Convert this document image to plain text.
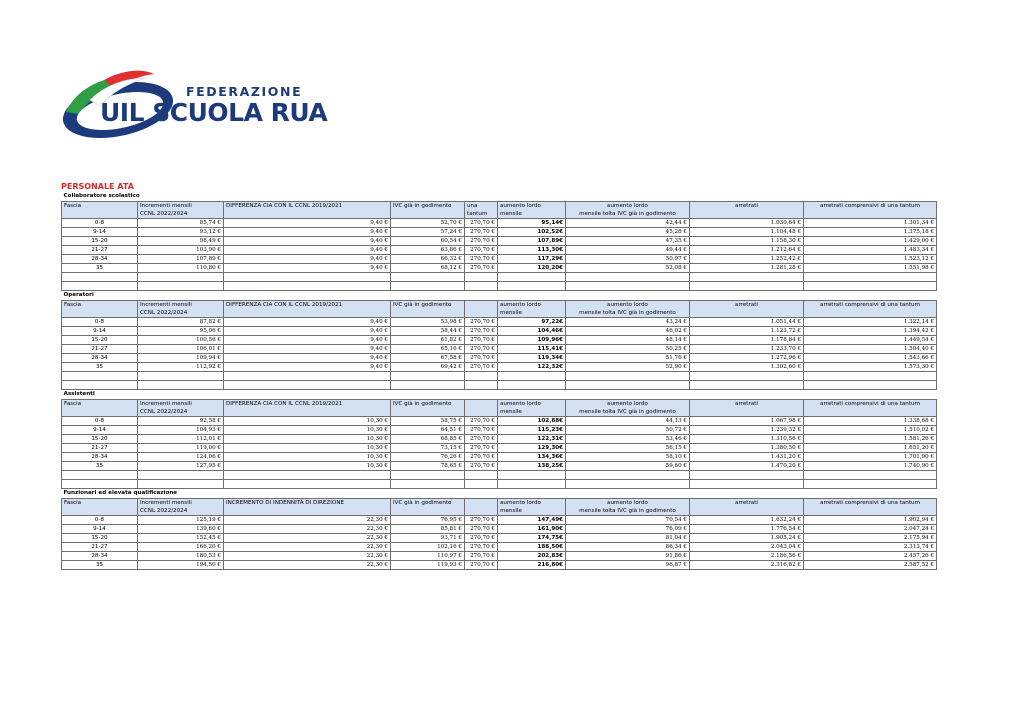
FEDERAZIONE

UIL SCUOLA RUA

PERSONALE ATA

Collaboratore scolastico								
Fascia	Incrementi mensili	DIFFERENZA CIA CON IL CCNL 2019/2021	IVC già in godimento	una	aumento lordo	aumento lordo	arretrati	arretrati comprensivi di una tantum
	CCNL 2022/2024			tantum	mensile	mensile tolta IVC già in godimento		
0-8	85,74 €	9,40 €	52,70 €	270,70 €	95,14€	42,44 €	1.030,64 €	1.301,34 €
9-14	93,12 €	9,40 €	57,24 €	270,70 €	102,52€	45,28 €	1.104,48 €	1.375,18 €
15-20	98,49 €	9,40 €	60,54 €	270,70 €	107,89€	47,35 €	1.158,30 €	1.429,00 €
21-27	103,90 €	9,40 €	63,86 €	270,70 €	113,30€	49,44 €	1.212,64 €	1.483,34 €
28-34	107,89 €	9,40 €	66,32 €	270,70 €	117,29€	50,97 €	1.252,42 €	1.523,12 €
35	110,80 €	9,40 €	68,12 €	270,70 €	120,20€	52,08 €	1.281,28 €	1.551,98 €

Operatori								
Fascia	Incrementi mensili	DIFFERENZA CIA CON IL CCNL 2019/2021	IVC già in godimento		aumento lordo	aumento lordo	arretrati	arretrati comprensivi di una tantum
	CCNL 2022/2024				mensile	mensile tolta IVC già in godimento		
0-8	87,82 €	9,40 €	53,98 €	270,70 €	97,22€	43,24 €	1.051,44 €	1.322,14 €
9-14	95,06 €	9,40 €	58,44 €	270,70 €	104,46€	46,02 €	1.123,72 €	1.394,42 €
15-20	100,56 €	9,40 €	61,82 €	270,70 €	109,96€	48,14 €	1.178,84 €	1.449,54 €
21-27	106,01 €	9,40 €	65,16 €	270,70 €	115,41€	50,25 €	1.233,70 €	1.504,40 €
28-34	109,94 €	9,40 €	67,58 €	270,70 €	119,34€	51,76 €	1.272,96 €	1.543,66 €
35	112,92 €	9,40 €	69,42 €	270,70 €	122,32€	52,90 €	1.302,60 €	1.573,30 €

Assistenti								
Fascia	Incrementi mensili	DIFFERENZA CIA CON IL CCNL 2019/2021	IVC già in godimento		aumento lordo	aumento lordo	arretrati	arretrati comprensivi di una tantum
	CCNL 2022/2024				mensile	mensile tolta IVC già in godimento		
0-8	92,58 €	10,30 €	58,75 €	270,70 €	102,88€	44,13 €	1.067,98 €	1.338,68 €
9-14	104,93 €	10,30 €	64,51 €	270,70 €	115,23€	50,72 €	1.239,32 €	1.510,02 €
15-20	112,01 €	10,30 €	68,85 €	270,70 €	122,31€	53,46 €	1.310,56 €	1.581,26 €
21-27	119,00 €	10,30 €	73,15 €	270,70 €	129,30€	56,15 €	1.380,50 €	1.651,20 €
28-34	124,06 €	10,30 €	76,26 €	270,70 €	134,36€	58,10 €	1.431,20 €	1.701,90 €
35	127,95 €	10,30 €	78,65 €	270,70 €	138,25€	59,60 €	1.470,20 €	1.740,90 €

Funzionari ed elevata qualificazione								
Fascia	Incrementi mensili	INCREMENTO DI INDENNITÀ DI DIREZIONE	IVC già in godimento		aumento lordo	aumento lordo	arretrati	arretrati comprensivi di una tantum
	CCNL 2022/2024				mensile	mensile tolta IVC già in godimento		
0-8	125,19 €	22,30 €	76,95 €	270,70 €	147,49€	70,54 €	1.632,24 €	1.902,94 €
9-14	139,60 €	22,30 €	85,81 €	270,70 €	161,90€	76,09 €	1.776,54 €	2.047,24 €
15-20	152,45 €	22,30 €	93,71 €	270,70 €	174,75€	81,04 €	1.905,24 €	2.175,94 €
21-27	166,20 €	22,30 €	102,16 €	270,70 €	188,50€	86,34 €	2.043,04 €	2.313,74 €
28-34	180,53 €	22,30 €	110,97 €	270,70 €	202,83€	91,86 €	2.186,56 €	2.457,26 €
35	194,50 €	22,30 €	119,93 €	270,70 €	216,80€	96,87 €	2.316,82 €	2.587,52 €
